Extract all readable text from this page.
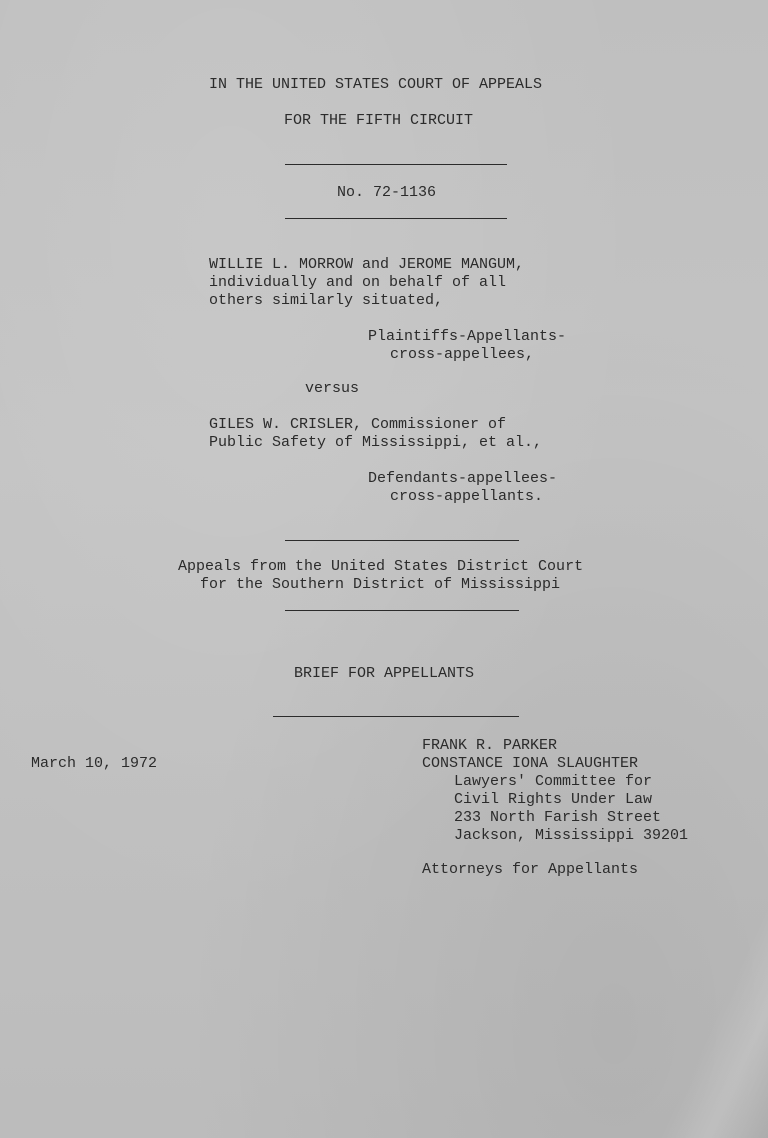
IN THE UNITED STATES COURT OF APPEALS
FOR THE FIFTH CIRCUIT
No. 72-1136
WILLIE L. MORROW and JEROME MANGUM,
individually and on behalf of all
others similarly situated,
Plaintiffs-Appellants-
cross-appellees,
versus
GILES W. CRISLER, Commissioner of
Public Safety of Mississippi, et al.,
Defendants-appellees-
cross-appellants.
Appeals from the United States District Court
for the Southern District of Mississippi
BRIEF FOR APPELLANTS
March 10, 1972
FRANK R. PARKER
CONSTANCE IONA SLAUGHTER
Lawyers' Committee for
Civil Rights Under Law
233 North Farish Street
Jackson, Mississippi 39201
Attorneys for Appellants
